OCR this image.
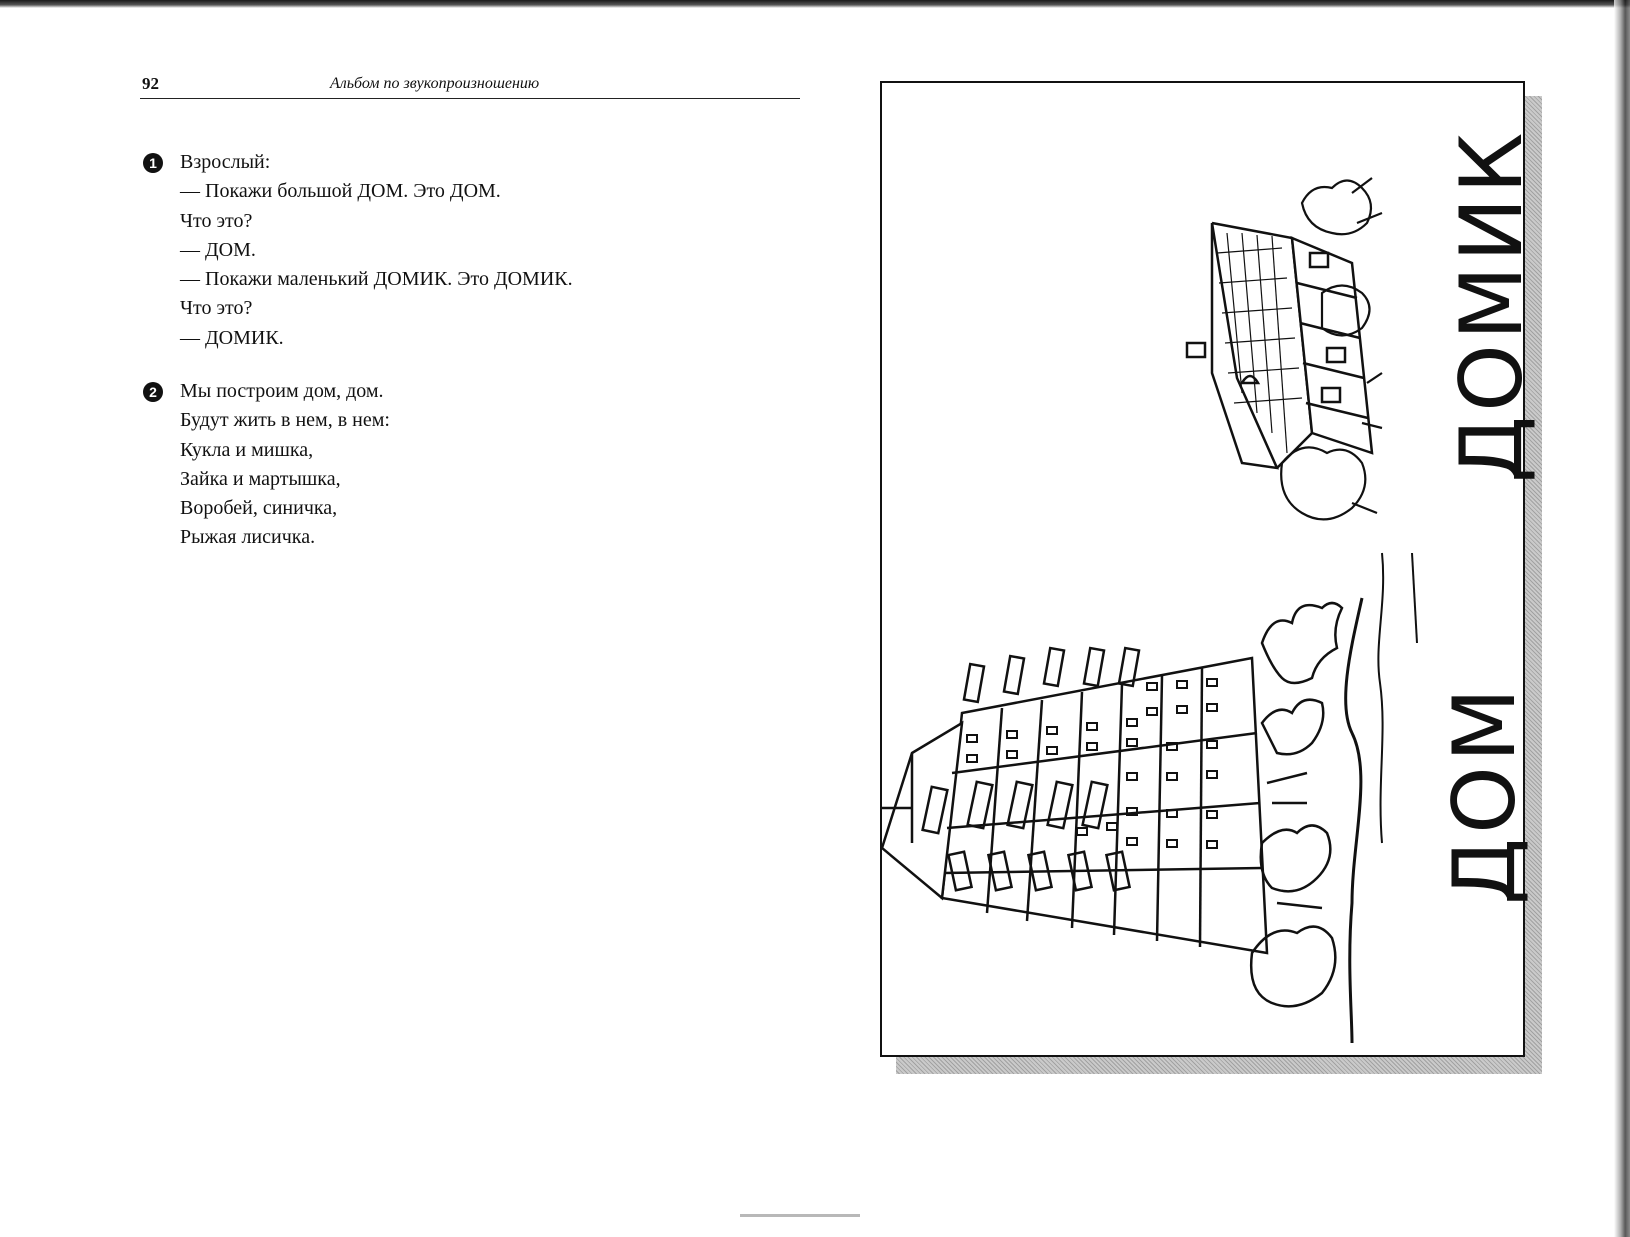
92	Альбом по звукопроизношению
1	Взрослый:
— Покажи большой ДОМ. Это ДОМ.
Что это?
— ДОМ.
— Покажи маленький ДОМИК. Это ДОМИК.
Что это?
— ДОМИК.
2	Мы построим дом, дом.
Будут жить в нем, в нем:
Кукла и мишка,
Зайка и мартышка,
Воробей, синичка,
Рыжая лисичка.
ДОМИК
ДОМ
